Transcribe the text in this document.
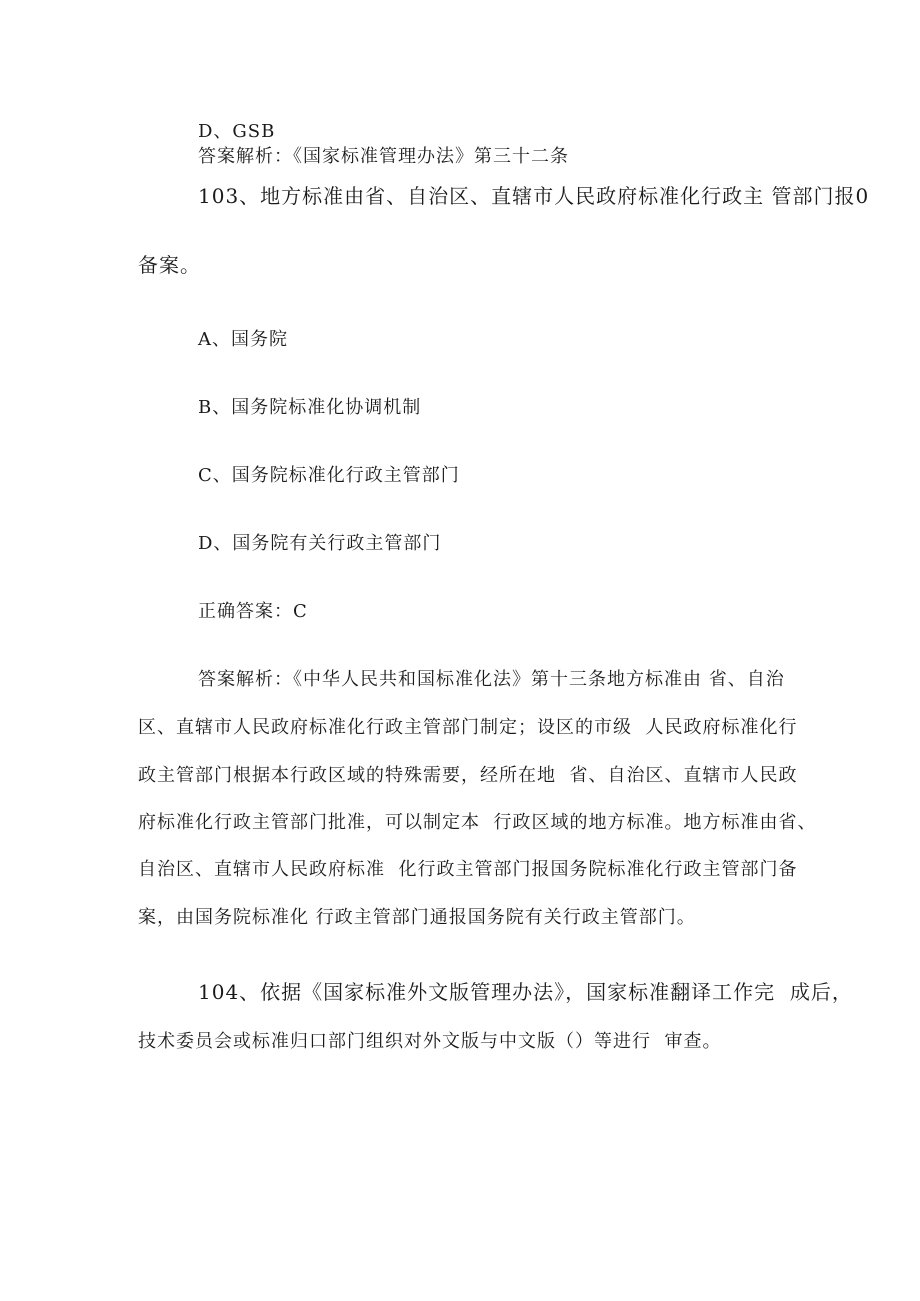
D、GSB
答案解析：《国家标准管理办法》第三十二条
103、地方标准由省、自治区、直辖市人民政府标准化行政主 管部门报0
备案。
A、国务院
B、国务院标准化协调机制
C、国务院标准化行政主管部门
D、国务院有关行政主管部门
正确答案：C
答案解析：《中华人民共和国标准化法》第十三条地方标准由 省、自治
区、直辖市人民政府标准化行政主管部门制定；设区的市级  人民政府标准化行
政主管部门根据本行政区域的特殊需要，经所在地  省、自治区、直辖市人民政
府标准化行政主管部门批准，可以制定本  行政区域的地方标准。地方标准由省、
自治区、直辖市人民政府标准  化行政主管部门报国务院标准化行政主管部门备
案，由国务院标准化 行政主管部门通报国务院有关行政主管部门。
104、依据《国家标准外文版管理办法》，国家标准翻译工作完  成后，
技术委员会或标准归口部门组织对外文版与中文版（）等进行  审查。
